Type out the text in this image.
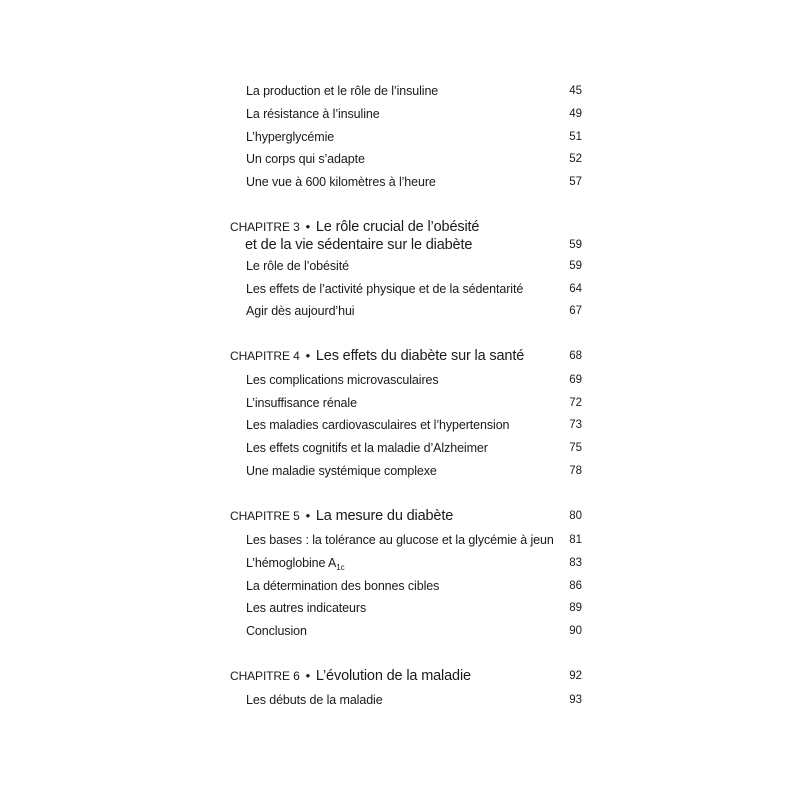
La production et le rôle de l’insuline	45
La résistance à l’insuline	49
L’hyperglycémie	51
Un corps qui s’adapte	52
Une vue à 600 kilomètres à l’heure	57
CHAPITRE 3 • Le rôle crucial de l’obésité
et de la vie sédentaire sur le diabète	59
Le rôle de l’obésité	59
Les effets de l’activité physique et de la sédentarité	64
Agir dès aujourd’hui	67
CHAPITRE 4 • Les effets du diabète sur la santé	68
Les complications microvasculaires	69
L’insuffisance rénale	72
Les maladies cardiovasculaires et l’hypertension	73
Les effets cognitifs et la maladie d’Alzheimer	75
Une maladie systémique complexe	78
CHAPITRE 5 • La mesure du diabète	80
Les bases : la tolérance au glucose et la glycémie à jeun 81
L’hémoglobine $A_{1c}$	83
La détermination des bonnes cibles	86
Les autres indicateurs	89
Conclusion	90
CHAPITRE 6 • L’évolution de la maladie	92
Les débuts de la maladie	93
